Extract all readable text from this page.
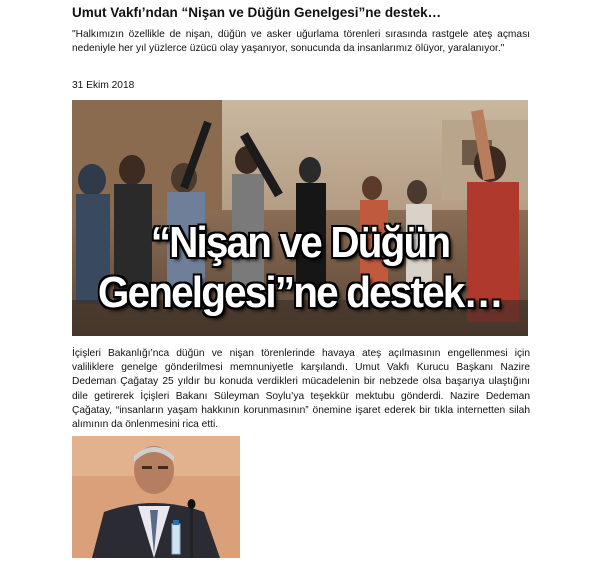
Umut Vakfı’ndan “Nişan ve Düğün Genelgesi”ne destek…
"Halkımızın özellikle de nişan, düğün ve asker uğurlama törenleri sırasında rastgele ateş açması nedeniyle her yıl yüzlerce üzücü olay yaşanıyor, sonucunda da insanlarımız ölüyor, yaralanıyor."
31 Ekim 2018
“Nişan ve Düğün
Genelgesi”ne destek…
İçişleri Bakanlığı’nca düğün ve nişan törenlerinde havaya ateş açılmasının engellenmesi için valiliklere genelge gönderilmesi memnuniyetle karşılandı. Umut Vakfı Kurucu Başkanı Nazire Dedeman Çağatay 25 yıldır bu konuda verdikleri mücadelenin bir nebzede olsa başarıya ulaştığını dile getirerek İçişleri Bakanı Süleyman Soylu’ya teşekkür mektubu gönderdi. Nazire Dedeman Çağatay, “insanların yaşam hakkının korunmasının” önemine işaret ederek bir tıkla internetten silah alımının da önlenmesini rica etti.
